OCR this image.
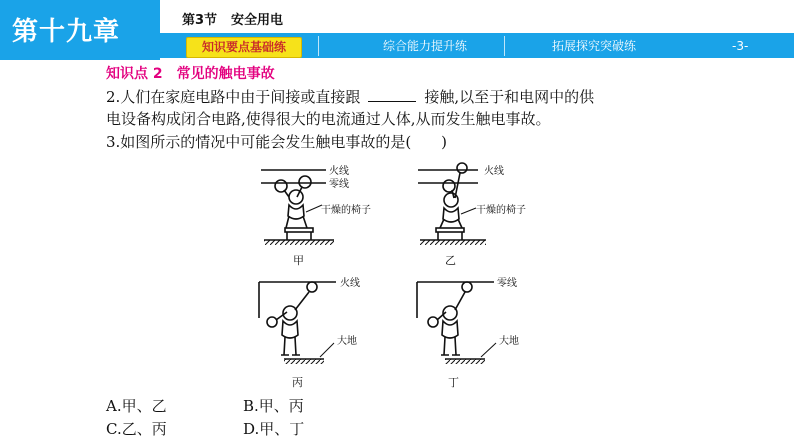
第十九章	第3节 安全用电
知识要点基础练	综合能力提升练	拓展探究突破练	-3-
知识点 2　常见的触电事故
2.人们在家庭电路中由于间接或直接跟	接触,以至于和电网中的供
电设备构成闭合电路,使得很大的电流通过人体,从而发生触电事故。
3.如图所示的情况中可能会发生触电事故的是(　　)
火线
零线
干燥的椅子
甲
火线
干燥的椅子
乙
火线
大地
丙
零线
大地
丁
A.甲、乙	B.甲、丙
C.乙、丙	D.甲、丁
